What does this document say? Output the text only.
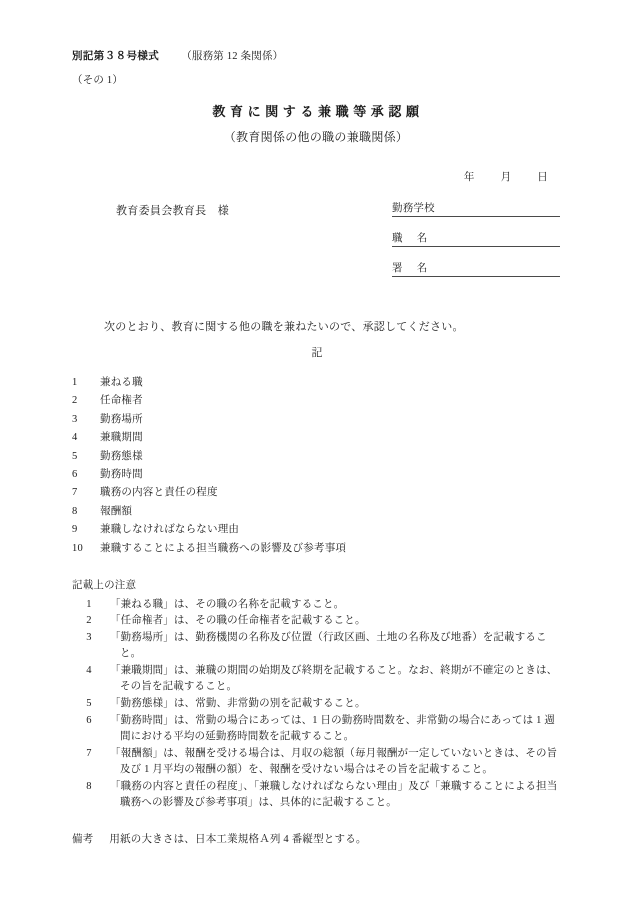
別記第３８号様式 （服務第 12 条関係）
（その 1）
教育に関する兼職等承認願
（教育関係の他の職の兼職関係）
年 月 日
教育委員会教育長　様	勤務学校
職 名
署 名

次のとおり、教育に関する他の職を兼ねたいので、承認してください。

記
1	兼ねる職
2	任命権者
3	勤務場所
4	兼職期間
5	勤務態様
6	勤務時間
7	職務の内容と責任の程度
8	報酬額
9	兼職しなければならない理由
10	兼職することによる担当職務への影響及び参考事項
記載上の注意
1	「兼ねる職」は、その職の名称を記載すること。
2	「任命権者」は、その職の任命権者を記載すること。
3	「勤務場所」は、勤務機関の名称及び位置（行政区画、土地の名称及び地番）を記載すること。
4	「兼職期間」は、兼職の期間の始期及び終期を記載すること。なお、終期が不確定のときは、その旨を記載すること。
5	「勤務態様」は、常勤、非常勤の別を記載すること。
6	「勤務時間」は、常勤の場合にあっては、1 日の勤務時間数を、非常勤の場合にあっては 1 週間における平均の延勤務時間数を記載すること。
7	「報酬額」は、報酬を受ける場合は、月収の総額（毎月報酬が一定していないときは、その旨及び 1 月平均の報酬の額）を、報酬を受けない場合はその旨を記載すること。
8	「職務の内容と責任の程度」、「兼職しなければならない理由」及び「兼職することによる担当職務への影響及び参考事項」は、具体的に記載すること。
備考 用紙の大きさは、日本工業規格Ａ列 4 番縦型とする。
